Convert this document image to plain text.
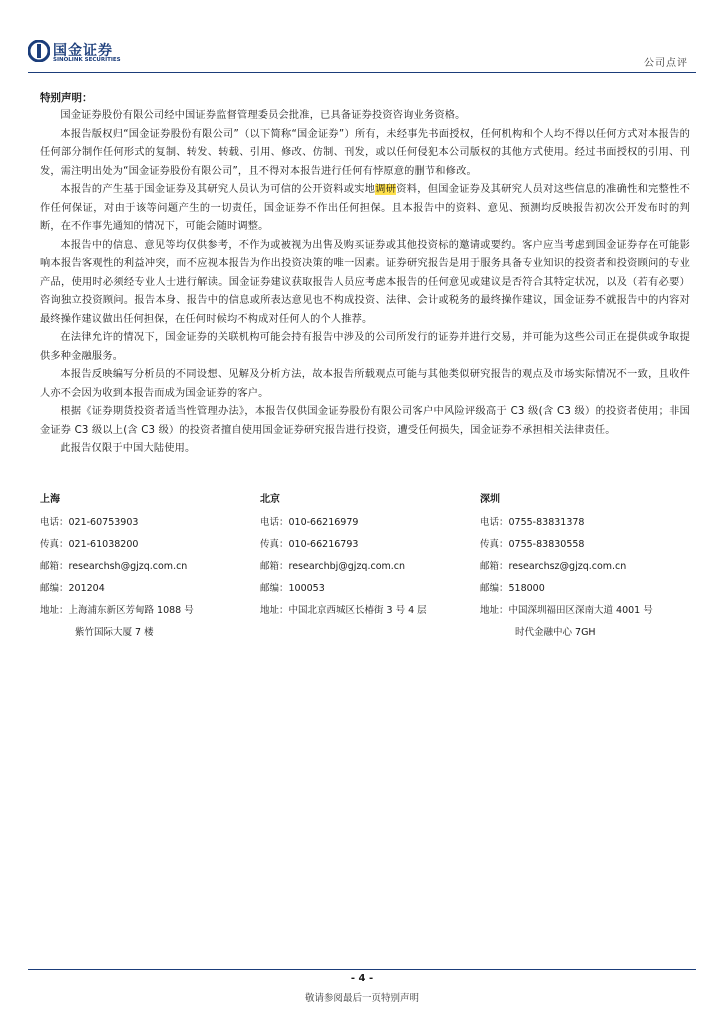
国金证券
SINOLINK SECURITIES	公司点评
特别声明：

国金证券股份有限公司经中国证券监督管理委员会批准，已具备证券投资咨询业务资格。

本报告版权归“国金证券股份有限公司”（以下简称“国金证券”）所有，未经事先书面授权，任何机构和个人均不得以任何方式对本报告的任何部分制作任何形式的复制、转发、转载、引用、修改、仿制、刊发，或以任何侵犯本公司版权的其他方式使用。经过书面授权的引用、刊发，需注明出处为“国金证券股份有限公司”，且不得对本报告进行任何有悖原意的删节和修改。

本报告的产生基于国金证券及其研究人员认为可信的公开资料或实地调研资料，但国金证券及其研究人员对这些信息的准确性和完整性不作任何保证，对由于该等问题产生的一切责任，国金证券不作出任何担保。且本报告中的资料、意见、预测均反映报告初次公开发布时的判断，在不作事先通知的情况下，可能会随时调整。

本报告中的信息、意见等均仅供参考，不作为或被视为出售及购买证券或其他投资标的邀请或要约。客户应当考虑到国金证券存在可能影响本报告客观性的利益冲突，而不应视本报告为作出投资决策的唯一因素。证券研究报告是用于服务具备专业知识的投资者和投资顾问的专业产品，使用时必须经专业人士进行解读。国金证券建议获取报告人员应考虑本报告的任何意见或建议是否符合其特定状况，以及（若有必要）咨询独立投资顾问。报告本身、报告中的信息或所表达意见也不构成投资、法律、会计或税务的最终操作建议，国金证券不就报告中的内容对最终操作建议做出任何担保，在任何时候均不构成对任何人的个人推荐。

在法律允许的情况下，国金证券的关联机构可能会持有报告中涉及的公司所发行的证券并进行交易，并可能为这些公司正在提供或争取提供多种金融服务。

本报告反映编写分析员的不同设想、见解及分析方法，故本报告所载观点可能与其他类似研究报告的观点及市场实际情况不一致，且收件人亦不会因为收到本报告而成为国金证券的客户。

根据《证券期货投资者适当性管理办法》，本报告仅供国金证券股份有限公司客户中风险评级高于 C3 级(含 C3 级）的投资者使用；非国金证券 C3 级以上(含 C3 级）的投资者擅自使用国金证券研究报告进行投资，遭受任何损失，国金证券不承担相关法律责任。

此报告仅限于中国大陆使用。

上海
电话：021-60753903
传真：021-61038200
邮箱：researchsh@gjzq.com.cn
邮编：201204
地址：上海浦东新区芳甸路 1088 号
紫竹国际大厦 7 楼
北京
电话：010-66216979
传真：010-66216793
邮箱：researchbj@gjzq.com.cn
邮编：100053
地址：中国北京西城区长椿街 3 号 4 层
深圳
电话：0755-83831378
传真：0755-83830558
邮箱：researchsz@gjzq.com.cn
邮编：518000
地址：中国深圳福田区深南大道 4001 号
时代金融中心 7GH
- 4 -
敬请参阅最后一页特别声明
